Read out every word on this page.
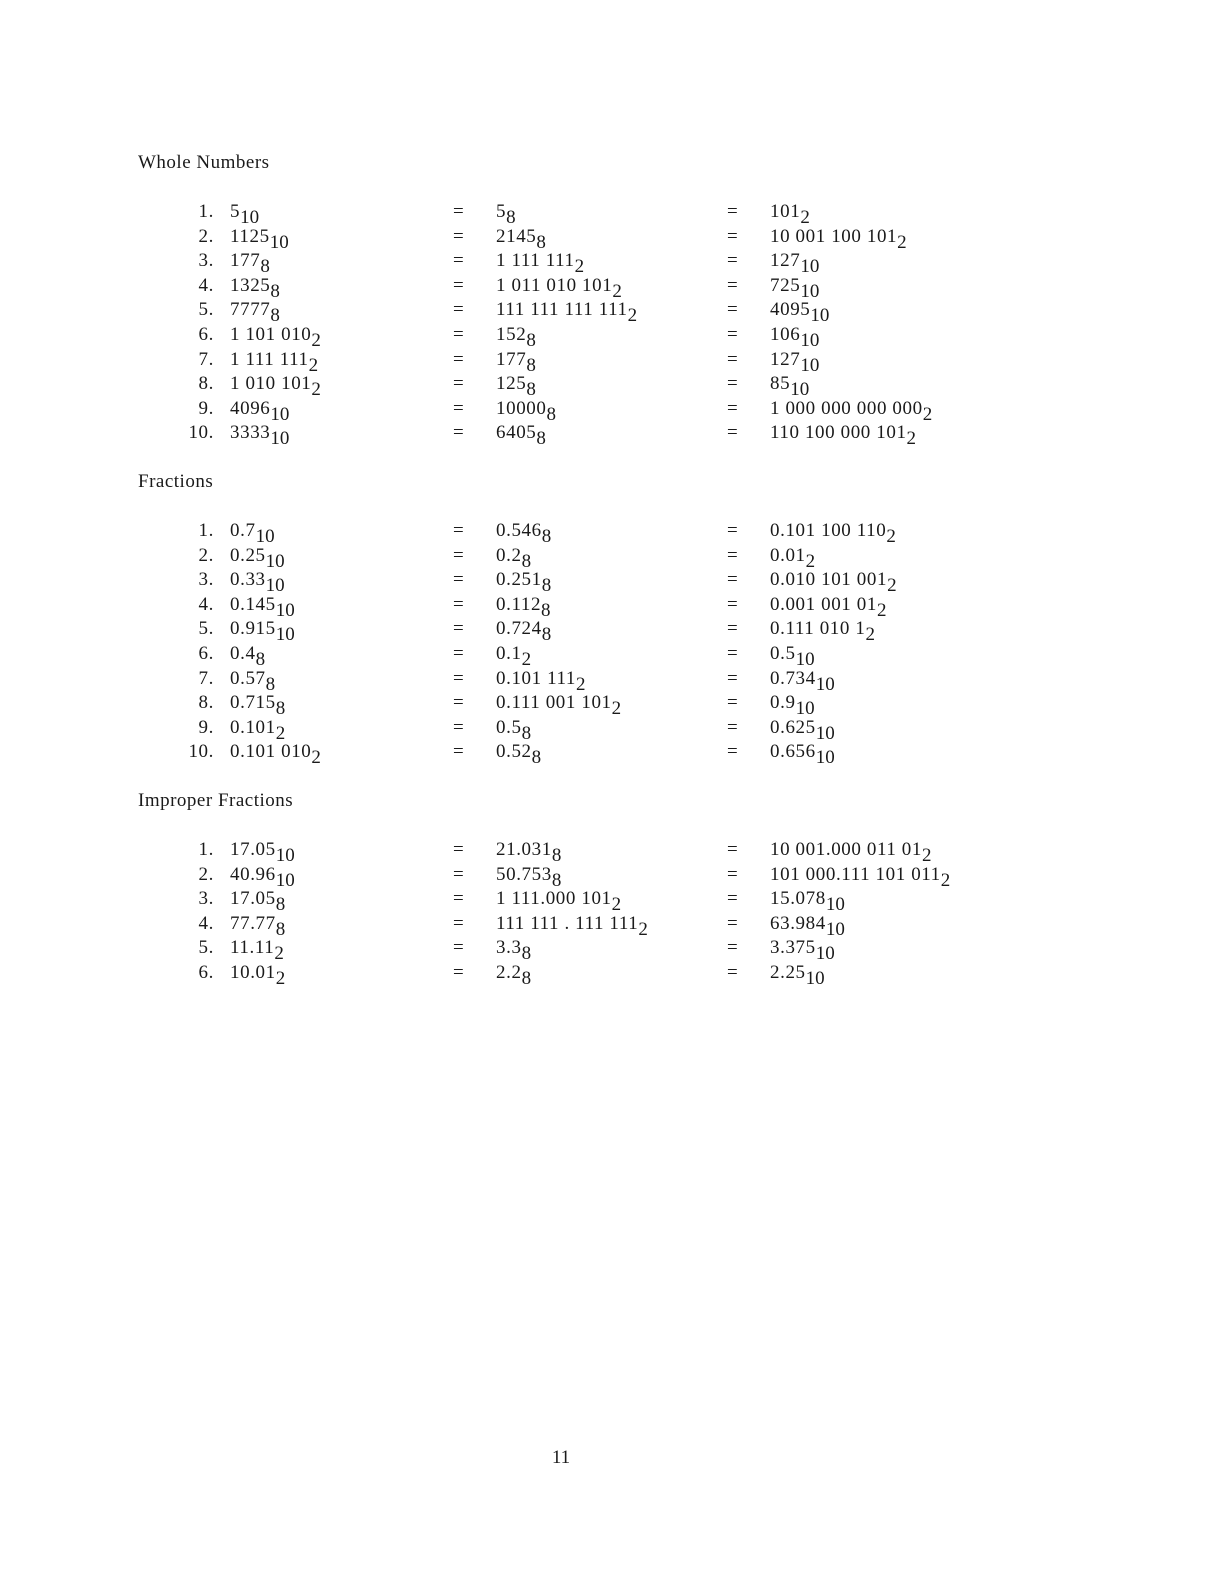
Whole Numbers
1. $5_{10}$	= $5_8$	= $101_2$
2. $1125_{10}$	= $2145_8$	= 10 001 100 $101_2$
3. $177_8$	= 1 111 $111_2$	= $127_{10}$
4. $1325_8$	= 1 011 010 $101_2$	= $725_{10}$
5. $7777_8$	= 111 111 111 $111_2$	= $4095_{10}$
6. 1 101 $010_2$	= $152_8$	= $106_{10}$
7. 1 111 $111_2$	= $177_8$	= $127_{10}$
8. 1 010 $101_2$	= $125_8$	= $85_{10}$
9. $4096_{10}$	= $10000_8$	= 1 000 000 000 $000_2$
10. $3333_{10}$	= $6405_8$	= 110 100 000 $101_2$
Fractions
1. $0.7_{10}$	= $0.546_8$	= 0.101 100 $110_2$
2. $0.25_{10}$	= $0.2_8$	= $0.01_2$
3. $0.33_{10}$	= $0.251_8$	= 0.010 101 $001_2$
4. $0.145_{10}$	= $0.112_8$	= 0.001 001 $01_2$
5. $0.915_{10}$	= $0.724_8$	= 0.111 010 $1_2$
6. $0.4_8$	= $0.1_2$	= $0.5_{10}$
7. $0.57_8$	= 0.101 $111_2$	= $0.734_{10}$
8. $0.715_8$	= 0.111 001 $101_2$	= $0.9_{10}$
9. $0.101_2$	= $0.5_8$	= $0.625_{10}$
10. 0.101 $010_2$	= $0.52_8$	= $0.656_{10}$
Improper Fractions
1. $17.05_{10}$	= $21.031_8$	= 10 001.000 011 $01_2$
2. $40.96_{10}$	= $50.753_8$	= 101 000.111 101 $011_2$
3. $17.05_8$	= 1 111.000 $101_2$	= $15.078_{10}$
4. $77.77_8$	= 111 111 . 111 $111_2$	= $63.984_{10}$
5. $11.11_2$	= $3.3_8$	= $3.375_{10}$
6. $10.01_2$	= $2.2_8$	= $2.25_{10}$
11
